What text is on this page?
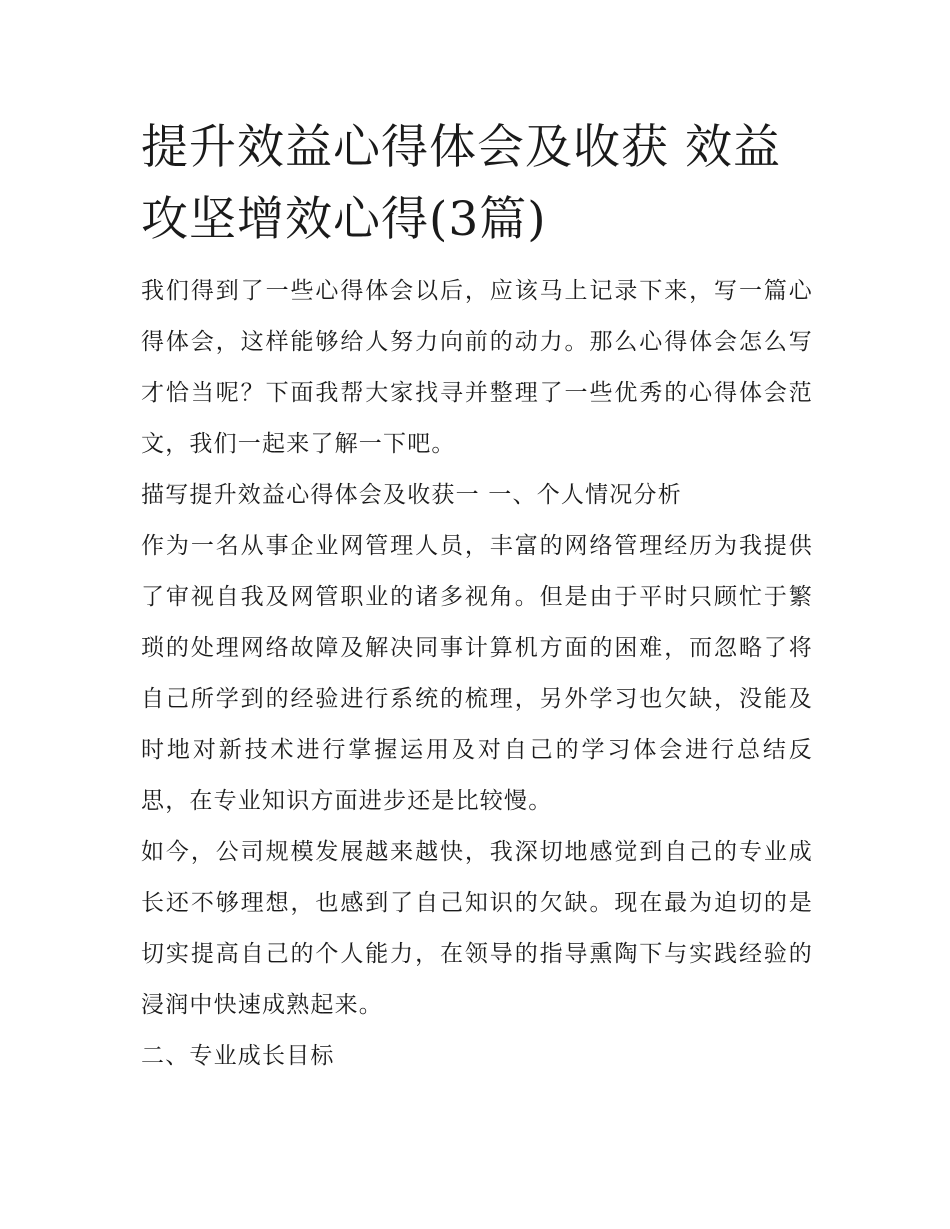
提升效益心得体会及收获 效益攻坚增效心得(3篇)

我们得到了一些心得体会以后，应该马上记录下来，写一篇心得体会，这样能够给人努力向前的动力。那么心得体会怎么写才恰当呢？下面我帮大家找寻并整理了一些优秀的心得体会范文，我们一起来了解一下吧。

描写提升效益心得体会及收获一 一、个人情况分析

作为一名从事企业网管理人员，丰富的网络管理经历为我提供了审视自我及网管职业的诸多视角。但是由于平时只顾忙于繁琐的处理网络故障及解决同事计算机方面的困难，而忽略了将自己所学到的经验进行系统的梳理，另外学习也欠缺，没能及时地对新技术进行掌握运用及对自己的学习体会进行总结反思，在专业知识方面进步还是比较慢。

如今，公司规模发展越来越快，我深切地感觉到自己的专业成长还不够理想，也感到了自己知识的欠缺。现在最为迫切的是切实提高自己的个人能力，在领导的指导熏陶下与实践经验的浸润中快速成熟起来。

二、专业成长目标
